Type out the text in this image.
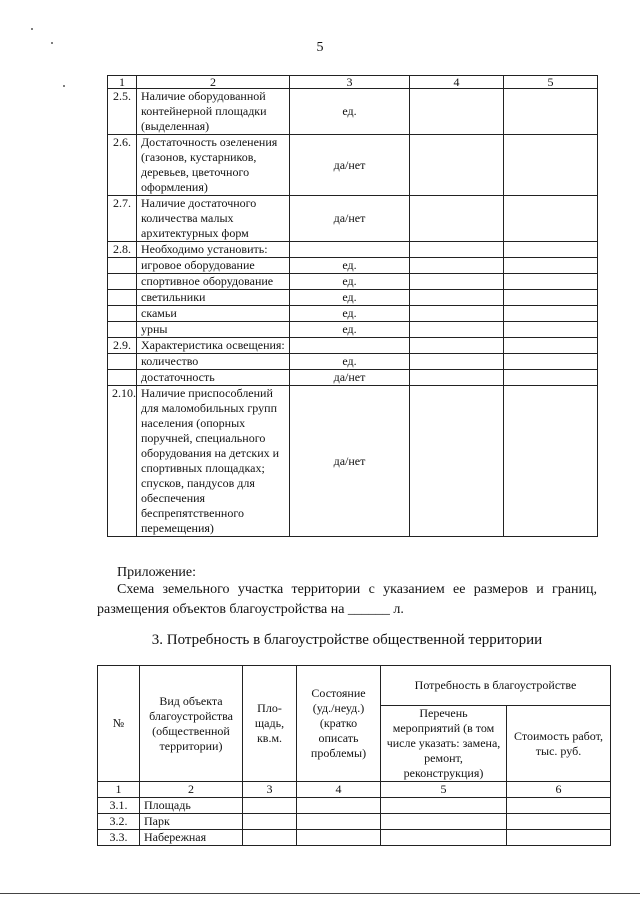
5
1	2	3	4	5
2.5.	Наличие оборудованной контейнерной площадки (выделенная)	ед.		
2.6.	Достаточность озеленения (газонов, кустарников, деревьев, цветочного оформления)	да/нет		
2.7.	Наличие достаточного количества малых архитектурных форм	да/нет		
2.8.	Необходимо установить:			
	игровое оборудование	ед.		
	спортивное оборудование	ед.		
	светильники	ед.		
	скамьи	ед.		
	урны	ед.		
2.9.	Характеристика освещения:			
	количество	ед.		
	достаточность	да/нет		
2.10.	Наличие приспособлений для маломобильных групп населения (опорных поручней, специального оборудования на детских и спортивных площадках; спусков, пандусов для обеспечения беспрепятственного перемещения)	да/нет		
Приложение:
Схема земельного участка территории с указанием ее размеров и границ, размещения объектов благоустройства на ______ л.
3. Потребность в благоустройстве общественной территории
№	Вид объекта благоустройства (общественной территории)	Пло-щадь, кв.м.	Состояние (уд./неуд.) (кратко описать проблемы)	Потребность в благоустройстве	
				Перечень мероприятий (в том числе указать: замена, ремонт, реконструкция)	Стоимость работ, тыс. руб.
1	2	3	4	5	6
3.1.	Площадь				
3.2.	Парк				
3.3.	Набережная				
